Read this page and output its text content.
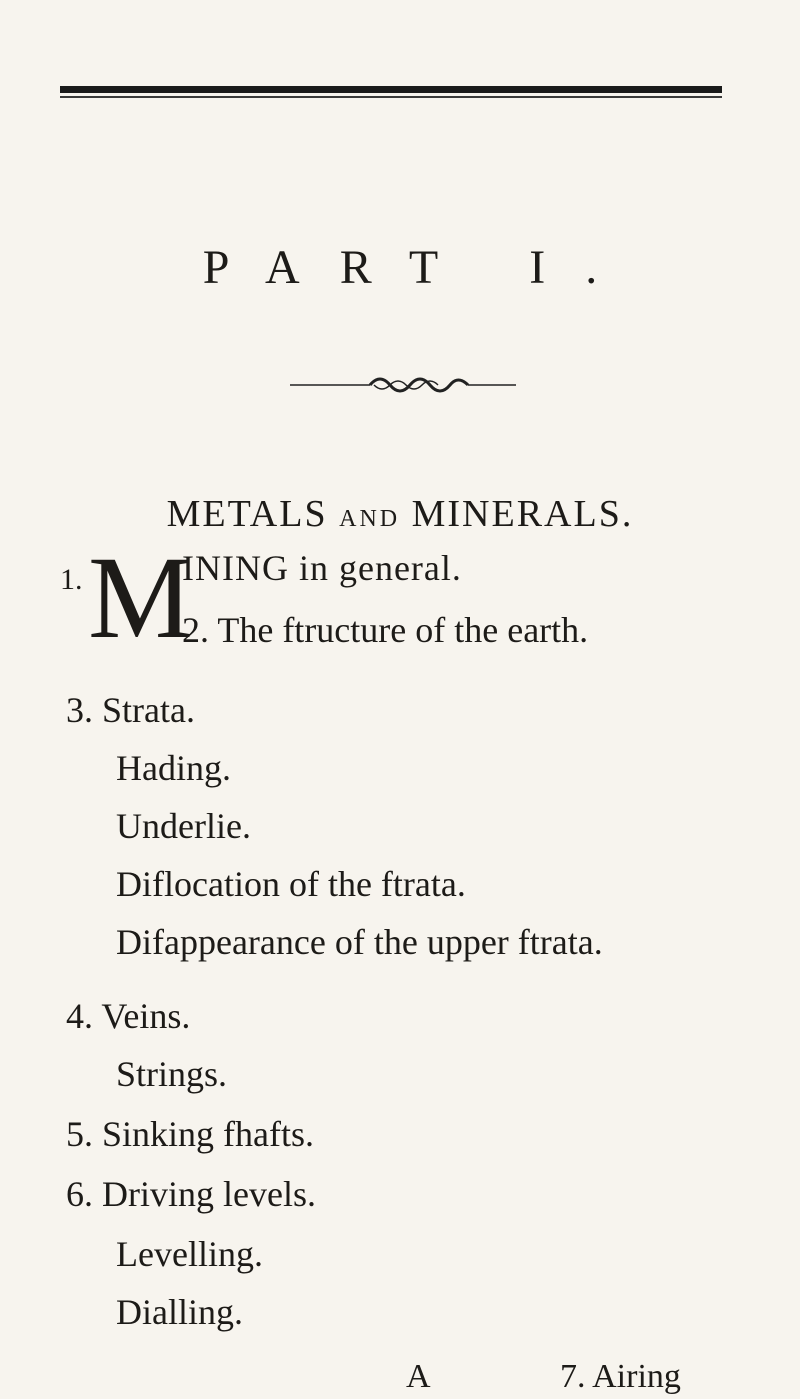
PART I.
METALS AND MINERALS.
1. M
INING in general.
2. The ftructure of the earth.
3. Strata.
Hading.
Underlie.
Diflocation of the ftrata.
Difappearance of the upper ftrata.
4. Veins.
Strings.
5. Sinking fhafts.
6. Driving levels.
Levelling.
Dialling.
A	7. Airing
